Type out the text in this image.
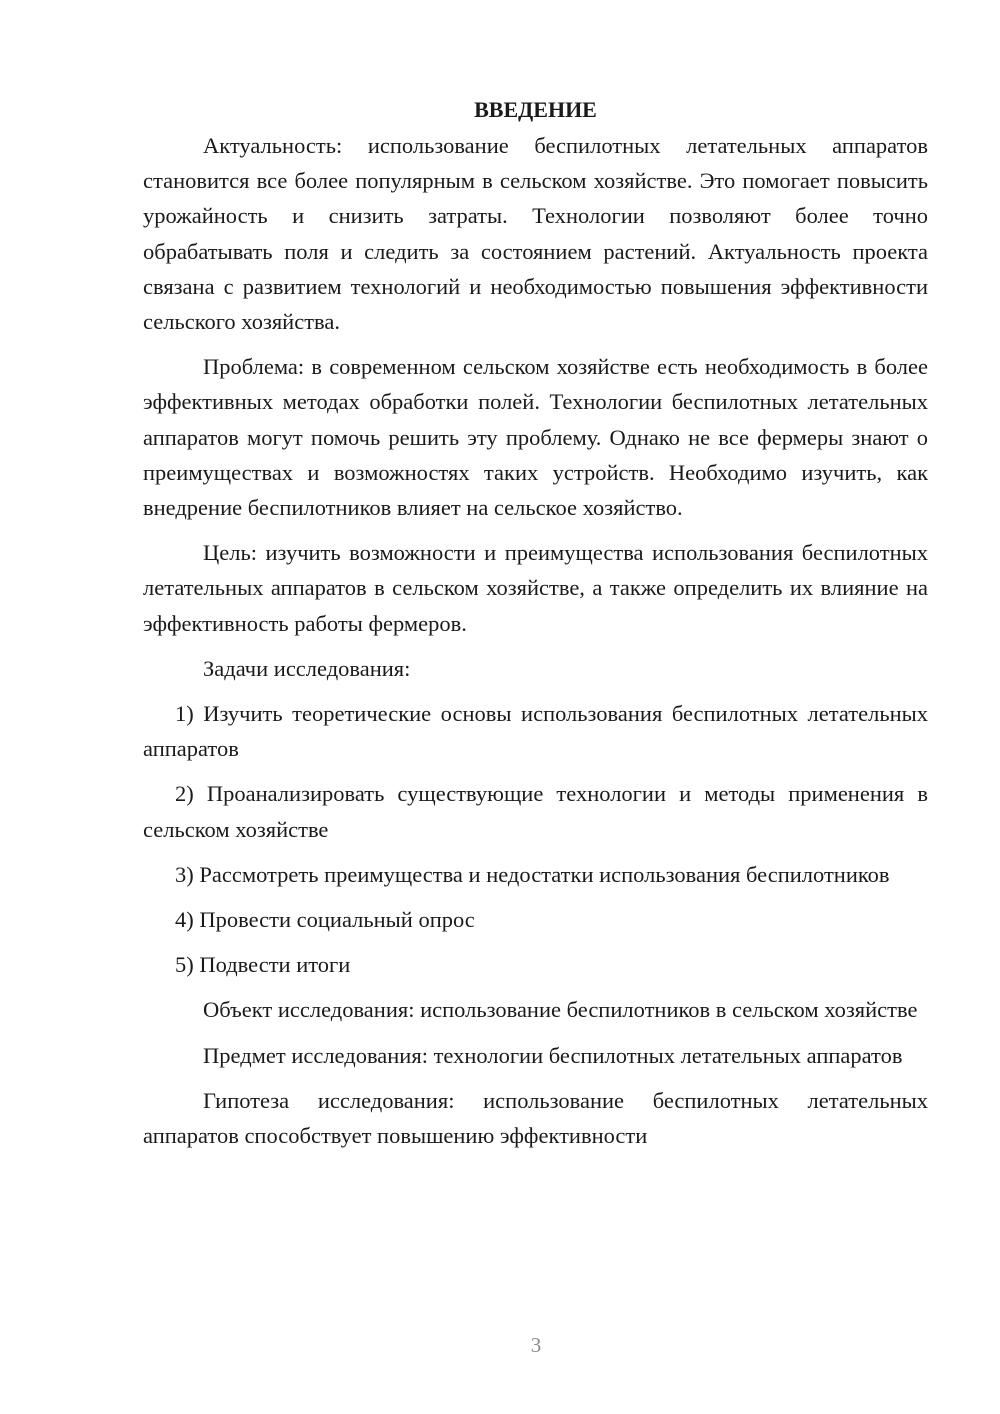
ВВЕДЕНИЕ

Актуальность: использование беспилотных летательных аппаратов становится все более популярным в сельском хозяйстве. Это помогает повысить урожайность и снизить затраты. Технологии позволяют более точно обрабатывать поля и следить за состоянием растений. Актуальность проекта связана с развитием технологий и необходимостью повышения эффективности сельского хозяйства.

Проблема: в современном сельском хозяйстве есть необходимость в более эффективных методах обработки полей. Технологии беспилотных летательных аппаратов могут помочь решить эту проблему. Однако не все фермеры знают о преимуществах и возможностях таких устройств. Необходимо изучить, как внедрение беспилотников влияет на сельское хозяйство.

Цель: изучить возможности и преимущества использования беспилотных летательных аппаратов в сельском хозяйстве, а также определить их влияние на эффективность работы фермеров.

Задачи исследования:

1) Изучить теоретические основы использования беспилотных летательных аппаратов

2) Проанализировать существующие технологии и методы применения в сельском хозяйстве

3) Рассмотреть преимущества и недостатки использования беспилотников

4) Провести социальный опрос

5) Подвести итоги

Объект исследования: использование беспилотников в сельском хозяйстве

Предмет исследования: технологии беспилотных летательных аппаратов

Гипотеза исследования: использование беспилотных летательных аппаратов способствует повышению эффективности

3
